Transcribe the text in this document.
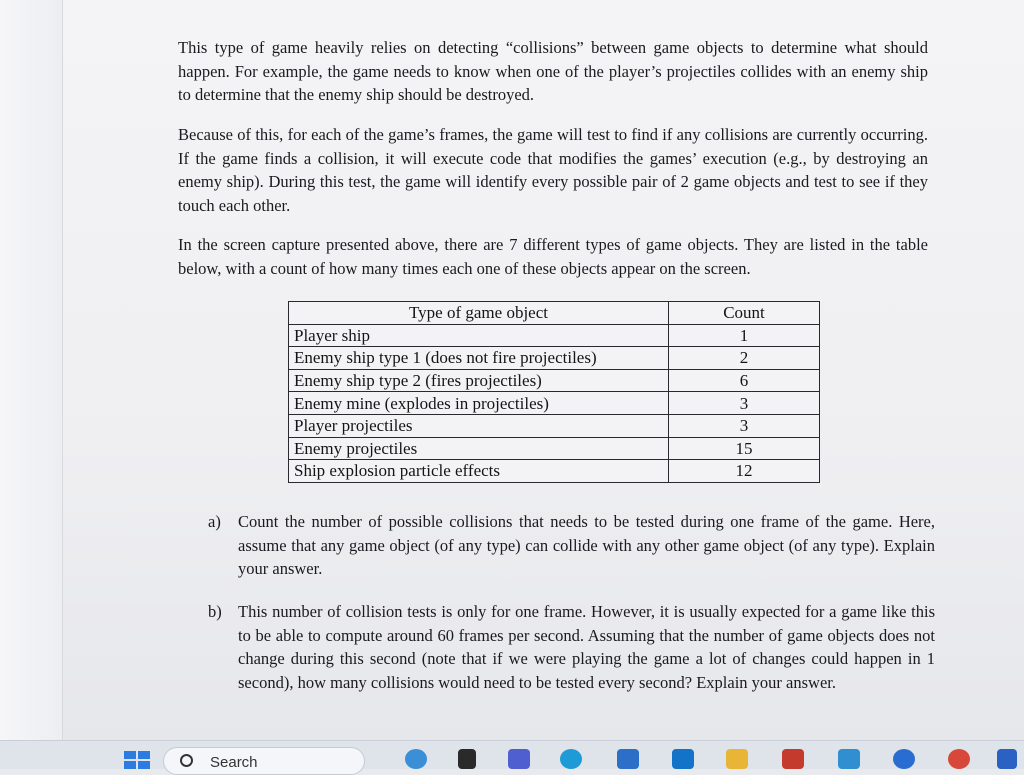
This type of game heavily relies on detecting “collisions” between game objects to determine what should happen. For example, the game needs to know when one of the player’s projectiles collides with an enemy ship to determine that the enemy ship should be destroyed.
Because of this, for each of the game’s frames, the game will test to find if any collisions are currently occurring. If the game finds a collision, it will execute code that modifies the games’ execution (e.g., by destroying an enemy ship). During this test, the game will identify every possible pair of 2 game objects and test to see if they touch each other.
In the screen capture presented above, there are 7 different types of game objects. They are listed in the table below, with a count of how many times each one of these objects appear on the screen.
Type of game object	Count
Player ship	1
Enemy ship type 1 (does not fire projectiles)	2
Enemy ship type 2 (fires projectiles)	6
Enemy mine (explodes in projectiles)	3
Player projectiles	3
Enemy projectiles	15
Ship explosion particle effects	12
a) Count the number of possible collisions that needs to be tested during one frame of the game. Here, assume that any game object (of any type) can collide with any other game object (of any type). Explain your answer.
b) This number of collision tests is only for one frame. However, it is usually expected for a game like this to be able to compute around 60 frames per second. Assuming that the number of game objects does not change during this second (note that if we were playing the game a lot of changes could happen in 1 second), how many collisions would need to be tested every second? Explain your answer.
Search
